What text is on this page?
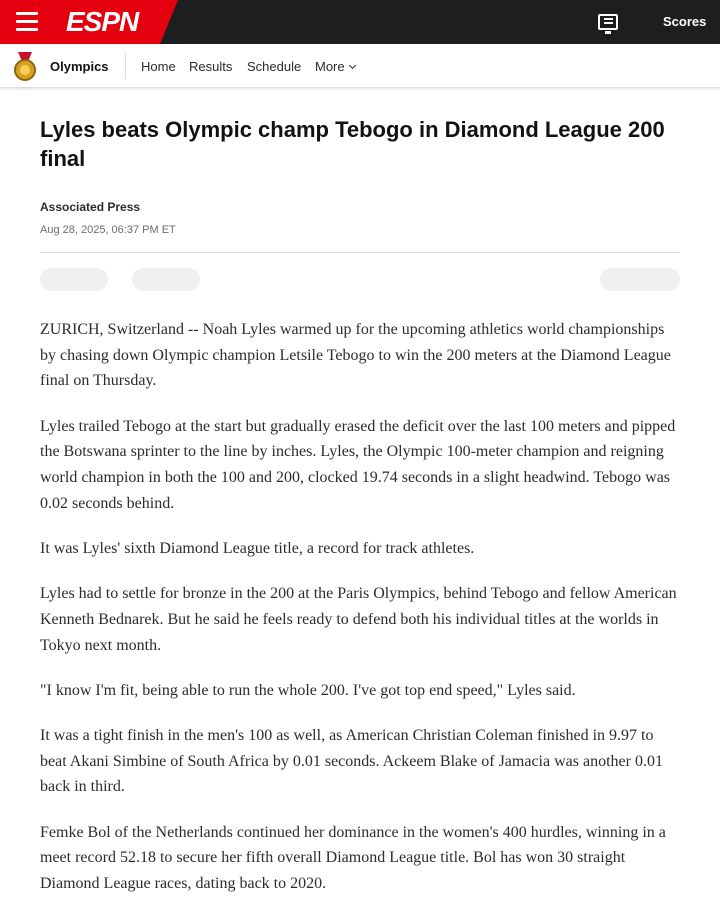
ESPN	Scores
Olympics Home Results Schedule More
Lyles beats Olympic champ Tebogo in Diamond League 200 final
Associated Press
Aug 28, 2025, 06:37 PM ET

ZURICH, Switzerland -- Noah Lyles warmed up for the upcoming athletics world championships by chasing down Olympic champion Letsile Tebogo to win the 200 meters at the Diamond League final on Thursday.

Lyles trailed Tebogo at the start but gradually erased the deficit over the last 100 meters and pipped the Botswana sprinter to the line by inches. Lyles, the Olympic 100-meter champion and reigning world champion in both the 100 and 200, clocked 19.74 seconds in a slight headwind. Tebogo was 0.02 seconds behind.

It was Lyles' sixth Diamond League title, a record for track athletes.

Lyles had to settle for bronze in the 200 at the Paris Olympics, behind Tebogo and fellow American Kenneth Bednarek. But he said he feels ready to defend both his individual titles at the worlds in Tokyo next month.

"I know I'm fit, being able to run the whole 200. I've got top end speed," Lyles said.

It was a tight finish in the men's 100 as well, as American Christian Coleman finished in 9.97 to beat Akani Simbine of South Africa by 0.01 seconds. Ackeem Blake of Jamacia was another 0.01 back in third.

Femke Bol of the Netherlands continued her dominance in the women's 400 hurdles, winning in a meet record 52.18 to secure her fifth overall Diamond League title. Bol has won 30 straight Diamond League races, dating back to 2020.
